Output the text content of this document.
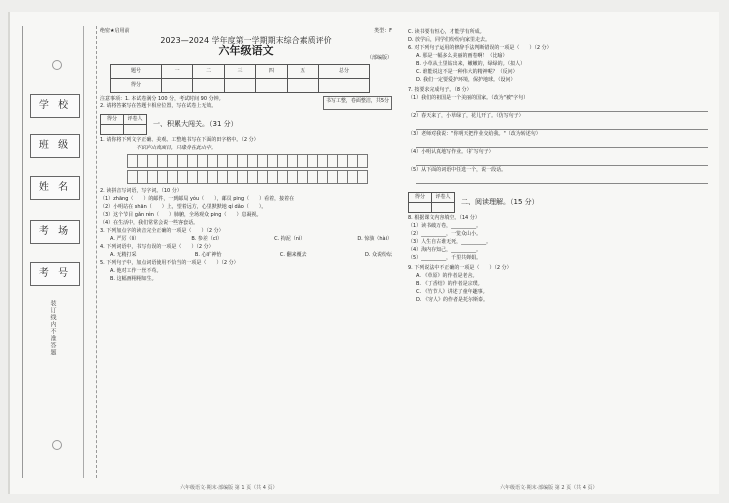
学 校
班 级
姓 名
考 场
考 号
装订线内不准答题
绝密★启用前	类型：F
2023—2024 学年度第一学期期末综合素质评价
六年级语文
（部编版）
题号	一	二	三	四	五	总分
得分						
注意事项：1. 本试卷满分 100 分，考试时间 90 分钟。
2. 请将答案写在答题卡相应位置，写在试卷上无效。
书写工整，卷面整洁，共5分
得分	评卷人

一、积累大闯关。（31 分）
1. 请你将下列文字正确、美观、工整地书写在下面的田字格中。（2 分）
不识庐山真面目，只缘身在此山中。
2. 读拼音写词语，写字词。（10 分）
（1）zhāng（　　）的邮件，一到邮局 yóu（　　），邮员 ping（　　）看着，接着在
（2）小明站在 shān（　　）上，望着远方，心里默默地 qí dǎo（　　）。
（3）这个节目 gǎn rén（　　）肺腑，全场观众 ping（　　）息凝视。
（4）在生活中，我们常常会说一些客套话。
3. 下列加点字的读音完全正确的一项是（　　）（2 分）
A. 严厉（lì）	B. 参差（cī）	C. 拘泥（nì）	D. 惊骇（hài）
4. 下列词语中，书写有误的一项是（　　）（2 分）
A. 无精打采	B. 心旷神怡	C. 翻来覆去	D. 众说纷纭
5. 下列句子中，加点词语使用不恰当的一项是（　　）（2 分）
A. 他对工作一丝不苟。
B. 这幅画栩栩如生。
C. 读书要有恒心，才能学有所成。
D. 放学后，同学们纷纷向家里走去。
6. 对下列句子运用的修辞手法判断错误的一项是（　　）（2 分）
A. 那是一幅多么美丽的画卷啊！（比喻）
B. 小草从土里钻出来，嫩嫩的，绿绿的。（拟人）
C. 谁能说这不是一种伟大的精神呢？（反问）
D. 我们一定要爱护环境，保护地球。（设问）
7. 按要求完成句子。（8 分）
（1）我们的祖国是一个美丽的国家。（改为"被"字句）
（2）春天来了，小草绿了，花儿开了。（仿写句子）
（3）老师对我说："你明天把作业交给我。"（改为转述句）
（4）小明认真地写作业。（扩写句子）
（5）从下面的词语中任选一个，说一段话。
得分	评卷人

二、阅读理解。（15 分）
8. 根据课文内容填空。（14 分）
（1）读书破万卷，__________。
（2）__________，一览众山小。
（3）人生自古谁无死，__________。
（4）海内存知己，__________。
（5）__________，千里共婵娟。
9. 下列说法中不正确的一项是（　　）（2 分）
A. 《草原》的作者是老舍。
B. 《丁香结》的作者是宗璞。
C. 《竹节人》讲述了童年趣事。
D. 《穷人》的作者是托尔斯泰。
六年级语文·期末·部编版 第 1 页（共 4 页）	六年级语文·期末·部编版 第 2 页（共 4 页）
